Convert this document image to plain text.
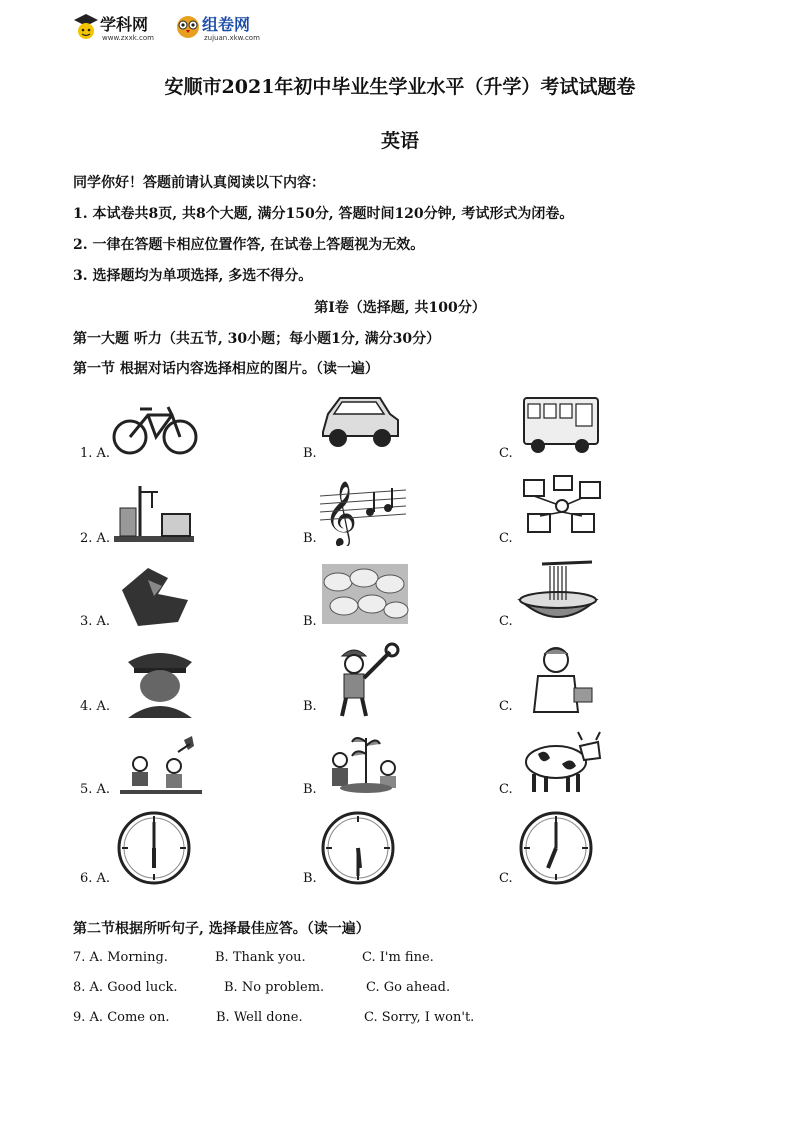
学科网
www.zxxk.com
组卷网
zujuan.xkw.com
安顺市2021年初中毕业生学业水平（升学）考试试题卷
英语
同学你好！答题前请认真阅读以下内容：
1. 本试卷共8页, 共8个大题, 满分150分, 答题时间120分钟, 考试形式为闭卷。
2. 一律在答题卡相应位置作答, 在试卷上答题视为无效。
3. 选择题均为单项选择, 多选不得分。
第I卷（选择题, 共100分）
第一大题 听力（共五节, 30小题；每小题1分, 满分30分）
第一节 根据对话内容选择相应的图片。（读一遍）
1. A.	B.	C.
2. A.	B. 𝄞	C.
3. A.	B.	C.
4. A.	B.	C.
5. A.	B.	C.
6. A.	B.	C.
第二节根据所听句子, 选择最佳应答。（读一遍）
7. A. Morning.	B. Thank you.	C. I'm fine.
8. A. Good luck.	B. No problem.	C. Go ahead.
9. A. Come on.	B. Well done.	C. Sorry, I won't.
